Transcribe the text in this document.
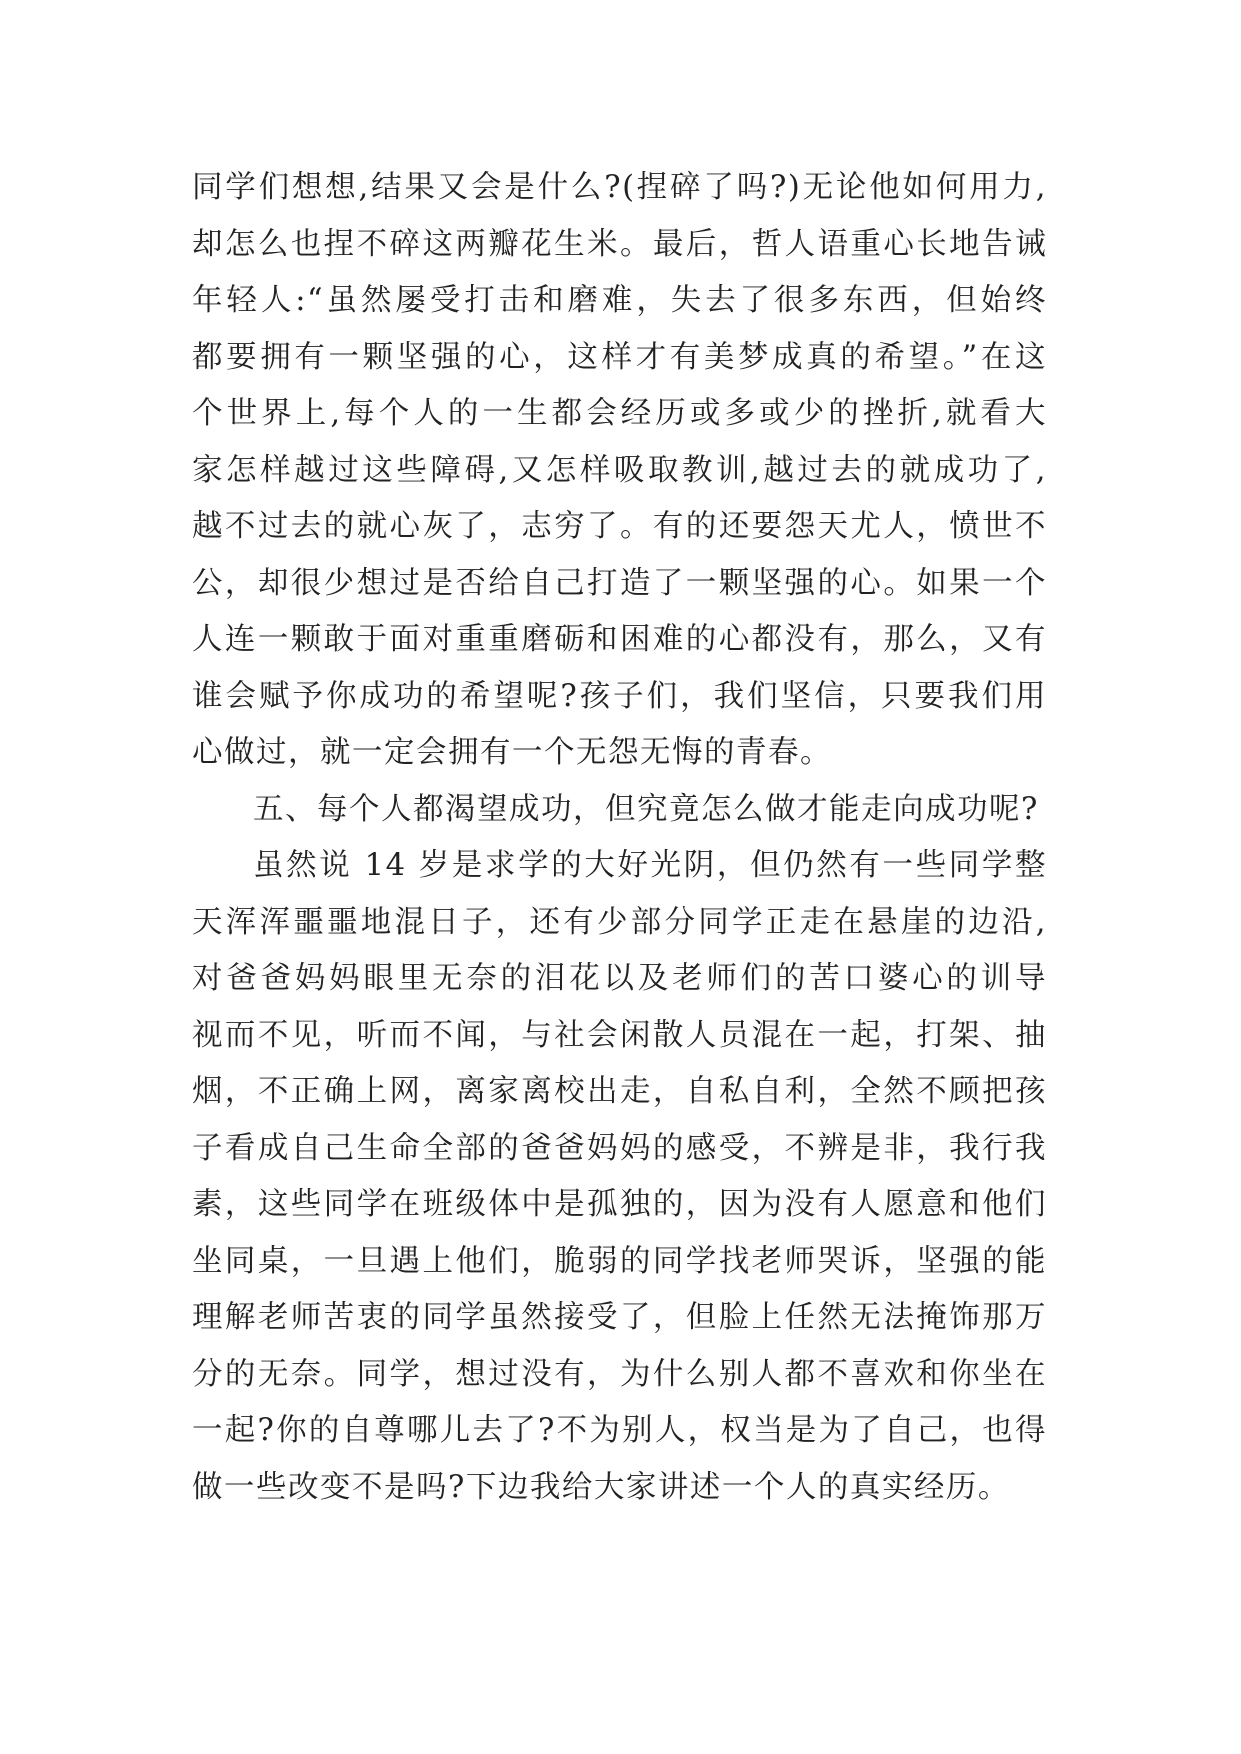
同学们想想,结果又会是什么?(捏碎了吗?)无论他如何用力,
却怎么也捏不碎这两瓣花生米。最后，哲人语重心长地告诫
年轻人:“虽然屡受打击和磨难，失去了很多东西，但始终
都要拥有一颗坚强的心，这样才有美梦成真的希望。”在这
个世界上,每个人的一生都会经历或多或少的挫折,就看大
家怎样越过这些障碍,又怎样吸取教训,越过去的就成功了,
越不过去的就心灰了，志穷了。有的还要怨天尤人，愤世不
公，却很少想过是否给自己打造了一颗坚强的心。如果一个
人连一颗敢于面对重重磨砺和困难的心都没有，那么，又有
谁会赋予你成功的希望呢?孩子们，我们坚信，只要我们用
心做过，就一定会拥有一个无怨无悔的青春。
五、每个人都渴望成功，但究竟怎么做才能走向成功呢?
虽然说 14 岁是求学的大好光阴，但仍然有一些同学整
天浑浑噩噩地混日子，还有少部分同学正走在悬崖的边沿,
对爸爸妈妈眼里无奈的泪花以及老师们的苦口婆心的训导
视而不见，听而不闻，与社会闲散人员混在一起，打架、抽
烟，不正确上网，离家离校出走，自私自利，全然不顾把孩
子看成自己生命全部的爸爸妈妈的感受，不辨是非，我行我
素，这些同学在班级体中是孤独的，因为没有人愿意和他们
坐同桌，一旦遇上他们，脆弱的同学找老师哭诉，坚强的能
理解老师苦衷的同学虽然接受了，但脸上任然无法掩饰那万
分的无奈。同学，想过没有，为什么别人都不喜欢和你坐在
一起?你的自尊哪儿去了?不为别人，权当是为了自己，也得
做一些改变不是吗?下边我给大家讲述一个人的真实经历。
